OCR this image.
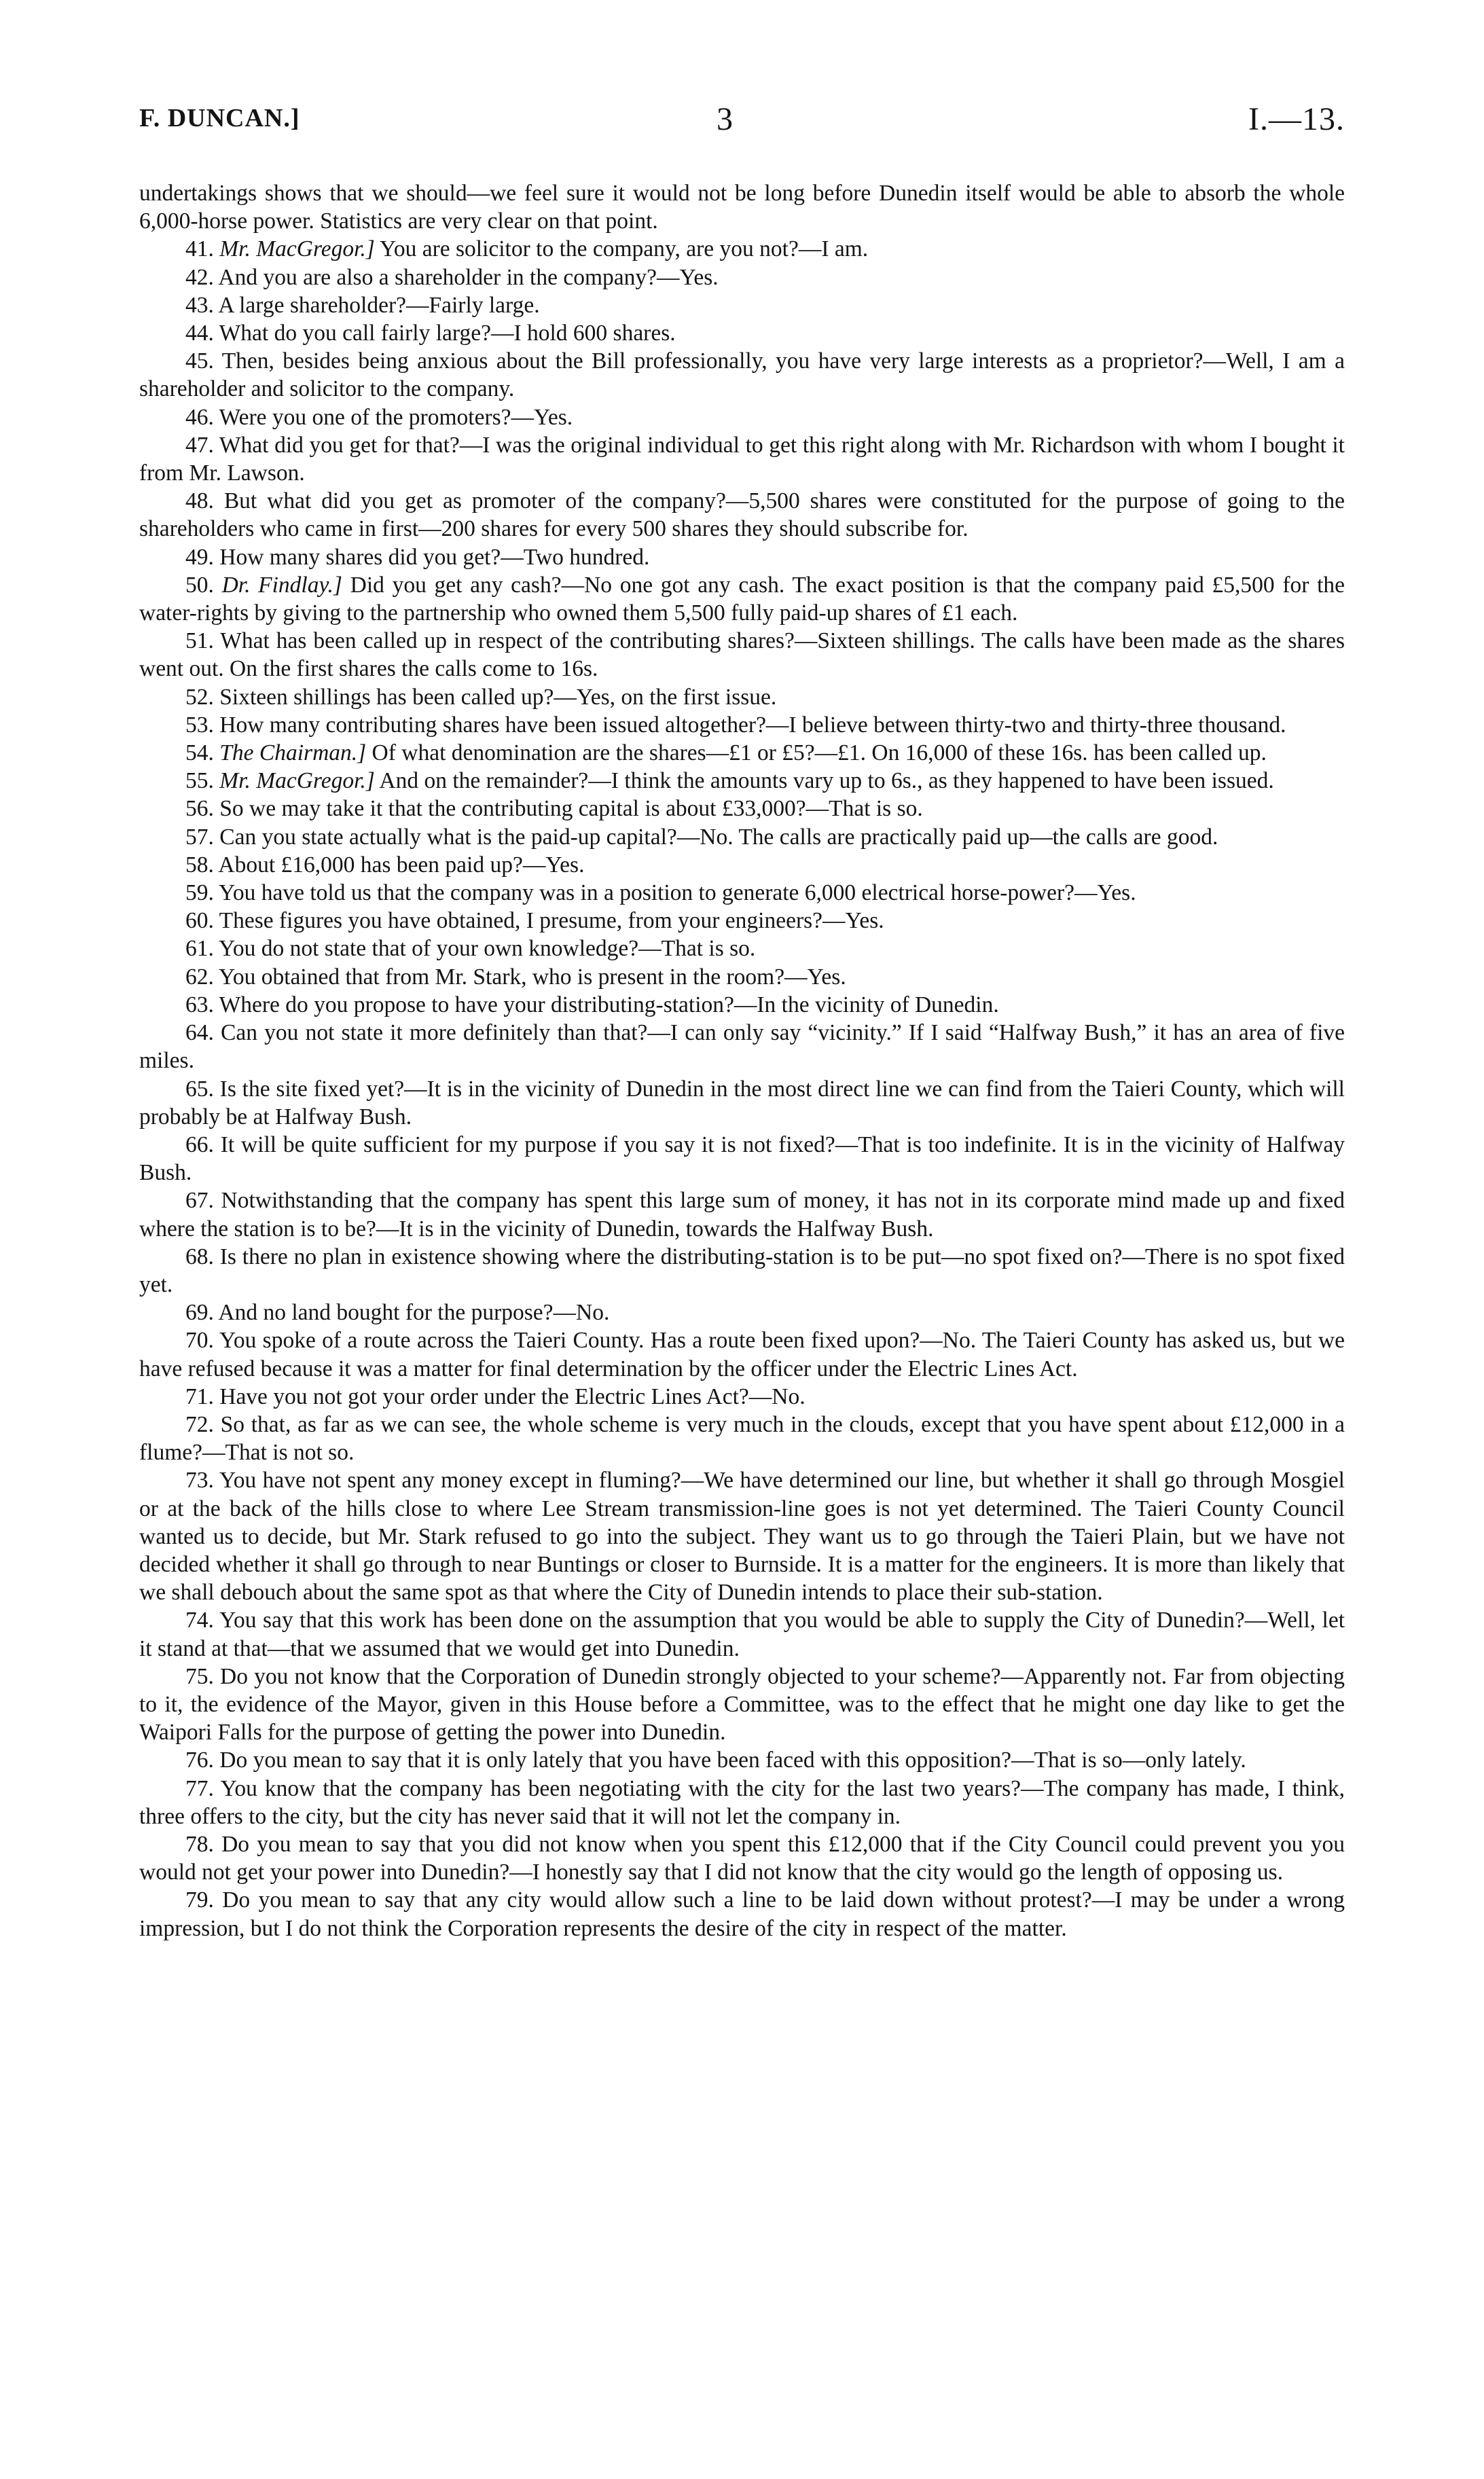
F. DUNCAN.]	3	I.—13.

undertakings shows that we should—we feel sure it would not be long before Dunedin itself would be able to absorb the whole 6,000-horse power. Statistics are very clear on that point.

41. Mr. MacGregor.] You are solicitor to the company, are you not?—I am.

42. And you are also a shareholder in the company?—Yes.

43. A large shareholder?—Fairly large.

44. What do you call fairly large?—I hold 600 shares.

45. Then, besides being anxious about the Bill professionally, you have very large interests as a proprietor?—Well, I am a shareholder and solicitor to the company.

46. Were you one of the promoters?—Yes.

47. What did you get for that?—I was the original individual to get this right along with Mr. Richardson with whom I bought it from Mr. Lawson.

48. But what did you get as promoter of the company?—5,500 shares were constituted for the purpose of going to the shareholders who came in first—200 shares for every 500 shares they should subscribe for.

49. How many shares did you get?—Two hundred.

50. Dr. Findlay.] Did you get any cash?—No one got any cash. The exact position is that the company paid £5,500 for the water-rights by giving to the partnership who owned them 5,500 fully paid-up shares of £1 each.

51. What has been called up in respect of the contributing shares?—Sixteen shillings. The calls have been made as the shares went out. On the first shares the calls come to 16s.

52. Sixteen shillings has been called up?—Yes, on the first issue.

53. How many contributing shares have been issued altogether?—I believe between thirty-two and thirty-three thousand.

54. The Chairman.] Of what denomination are the shares—£1 or £5?—£1. On 16,000 of these 16s. has been called up.

55. Mr. MacGregor.] And on the remainder?—I think the amounts vary up to 6s., as they happened to have been issued.

56. So we may take it that the contributing capital is about £33,000?—That is so.

57. Can you state actually what is the paid-up capital?—No. The calls are practically paid up—the calls are good.

58. About £16,000 has been paid up?—Yes.

59. You have told us that the company was in a position to generate 6,000 electrical horse-power?—Yes.

60. These figures you have obtained, I presume, from your engineers?—Yes.

61. You do not state that of your own knowledge?—That is so.

62. You obtained that from Mr. Stark, who is present in the room?—Yes.

63. Where do you propose to have your distributing-station?—In the vicinity of Dunedin.

64. Can you not state it more definitely than that?—I can only say “vicinity.” If I said “Halfway Bush,” it has an area of five miles.

65. Is the site fixed yet?—It is in the vicinity of Dunedin in the most direct line we can find from the Taieri County, which will probably be at Halfway Bush.

66. It will be quite sufficient for my purpose if you say it is not fixed?—That is too indefinite. It is in the vicinity of Halfway Bush.

67. Notwithstanding that the company has spent this large sum of money, it has not in its corporate mind made up and fixed where the station is to be?—It is in the vicinity of Dunedin, towards the Halfway Bush.

68. Is there no plan in existence showing where the distributing-station is to be put—no spot fixed on?—There is no spot fixed yet.

69. And no land bought for the purpose?—No.

70. You spoke of a route across the Taieri County. Has a route been fixed upon?—No. The Taieri County has asked us, but we have refused because it was a matter for final determination by the officer under the Electric Lines Act.

71. Have you not got your order under the Electric Lines Act?—No.

72. So that, as far as we can see, the whole scheme is very much in the clouds, except that you have spent about £12,000 in a flume?—That is not so.

73. You have not spent any money except in fluming?—We have determined our line, but whether it shall go through Mosgiel or at the back of the hills close to where Lee Stream transmission-line goes is not yet determined. The Taieri County Council wanted us to decide, but Mr. Stark refused to go into the subject. They want us to go through the Taieri Plain, but we have not decided whether it shall go through to near Buntings or closer to Burnside. It is a matter for the engineers. It is more than likely that we shall debouch about the same spot as that where the City of Dunedin intends to place their sub-station.

74. You say that this work has been done on the assumption that you would be able to supply the City of Dunedin?—Well, let it stand at that—that we assumed that we would get into Dunedin.

75. Do you not know that the Corporation of Dunedin strongly objected to your scheme?—Apparently not. Far from objecting to it, the evidence of the Mayor, given in this House before a Committee, was to the effect that he might one day like to get the Waipori Falls for the purpose of getting the power into Dunedin.

76. Do you mean to say that it is only lately that you have been faced with this opposition?—That is so—only lately.

77. You know that the company has been negotiating with the city for the last two years?—The company has made, I think, three offers to the city, but the city has never said that it will not let the company in.

78. Do you mean to say that you did not know when you spent this £12,000 that if the City Council could prevent you you would not get your power into Dunedin?—I honestly say that I did not know that the city would go the length of opposing us.

79. Do you mean to say that any city would allow such a line to be laid down without protest?—I may be under a wrong impression, but I do not think the Corporation represents the desire of the city in respect of the matter.
